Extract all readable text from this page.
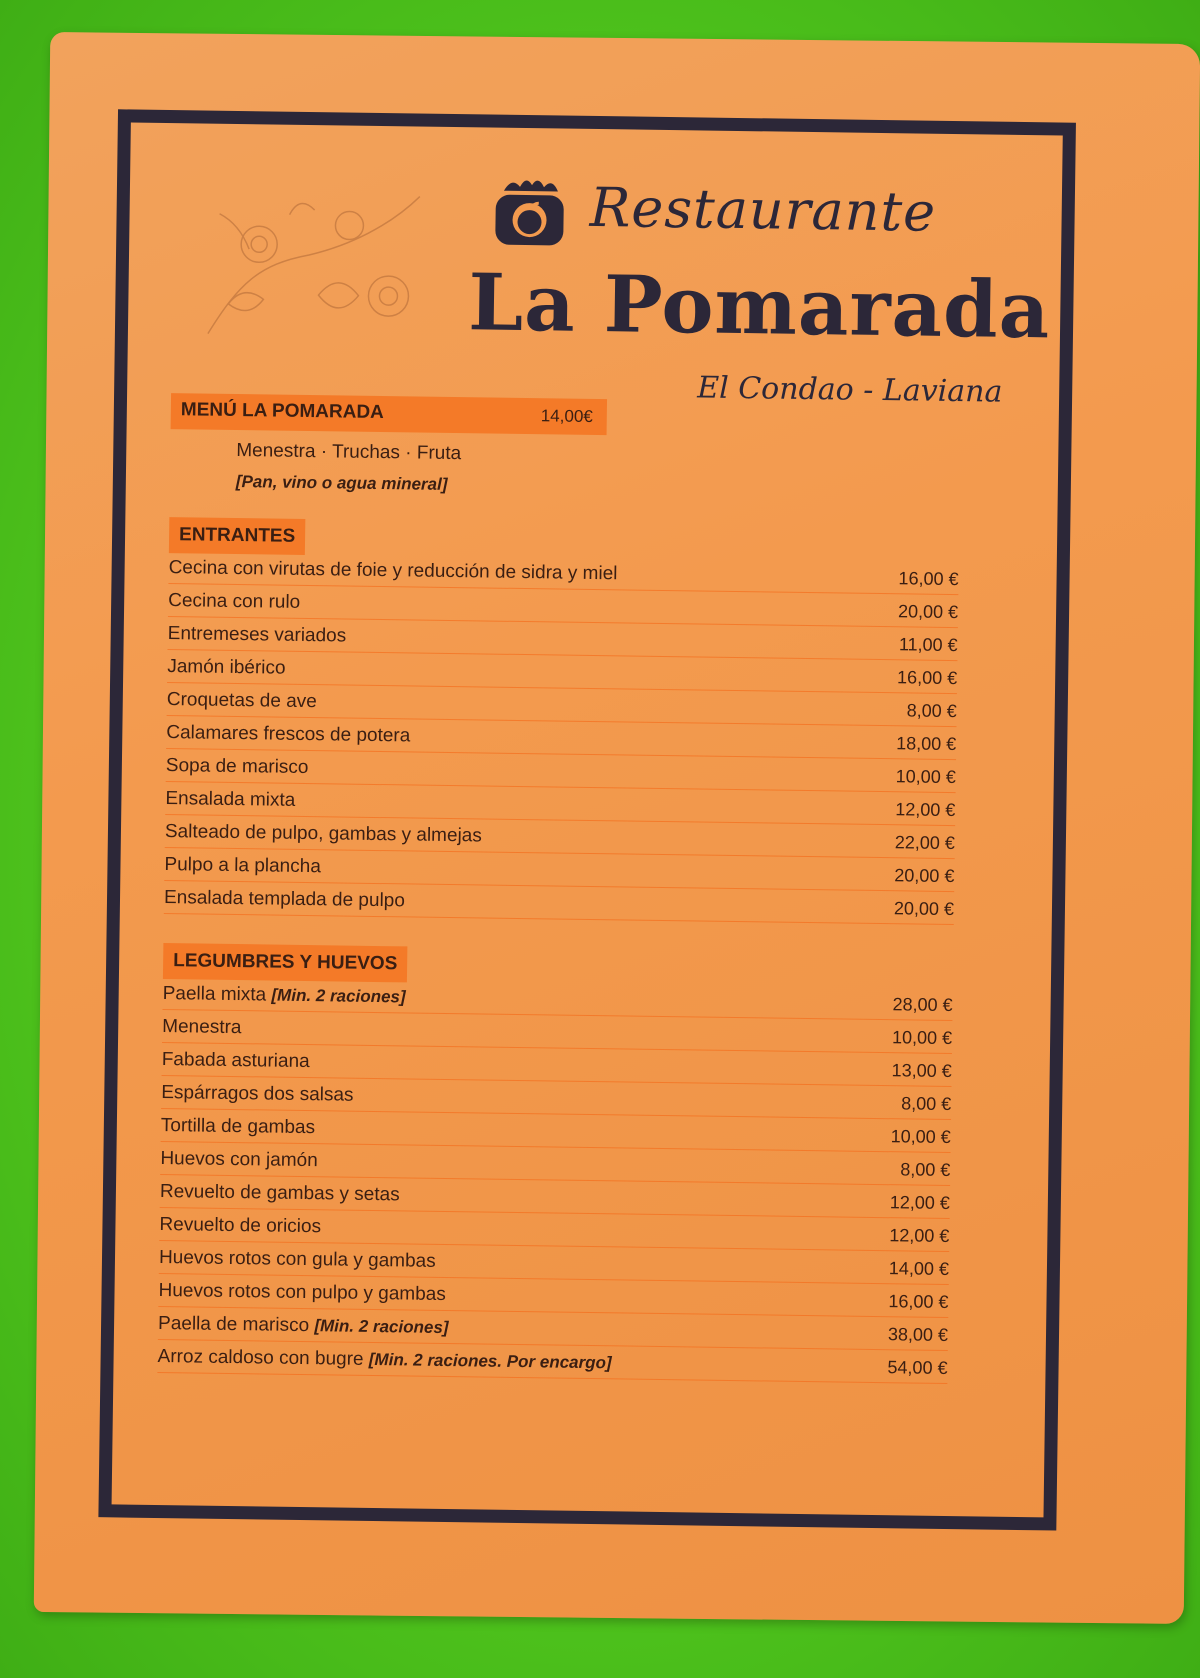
Restaurante
La Pomarada
El Condao - Laviana
MENÚ LA POMARADA	14,00€
Menestra · Truchas · Fruta
[Pan, vino o agua mineral]
ENTRANTES
Cecina con virutas de foie y reducción de sidra y miel	16,00 €
Cecina con rulo	20,00 €
Entremeses variados	11,00 €
Jamón ibérico	16,00 €
Croquetas de ave	8,00 €
Calamares frescos de potera	18,00 €
Sopa de marisco	10,00 €
Ensalada mixta	12,00 €
Salteado de pulpo, gambas y almejas	22,00 €
Pulpo a la plancha	20,00 €
Ensalada templada de pulpo	20,00 €
LEGUMBRES Y HUEVOS
Paella mixta [Min. 2 raciones]	28,00 €
Menestra	10,00 €
Fabada asturiana	13,00 €
Espárragos dos salsas	8,00 €
Tortilla de gambas	10,00 €
Huevos con jamón	8,00 €
Revuelto de gambas y setas	12,00 €
Revuelto de oricios	12,00 €
Huevos rotos con gula y gambas	14,00 €
Huevos rotos con pulpo y gambas	16,00 €
Paella de marisco [Min. 2 raciones]	38,00 €
Arroz caldoso con bugre [Min. 2 raciones. Por encargo]	54,00 €
